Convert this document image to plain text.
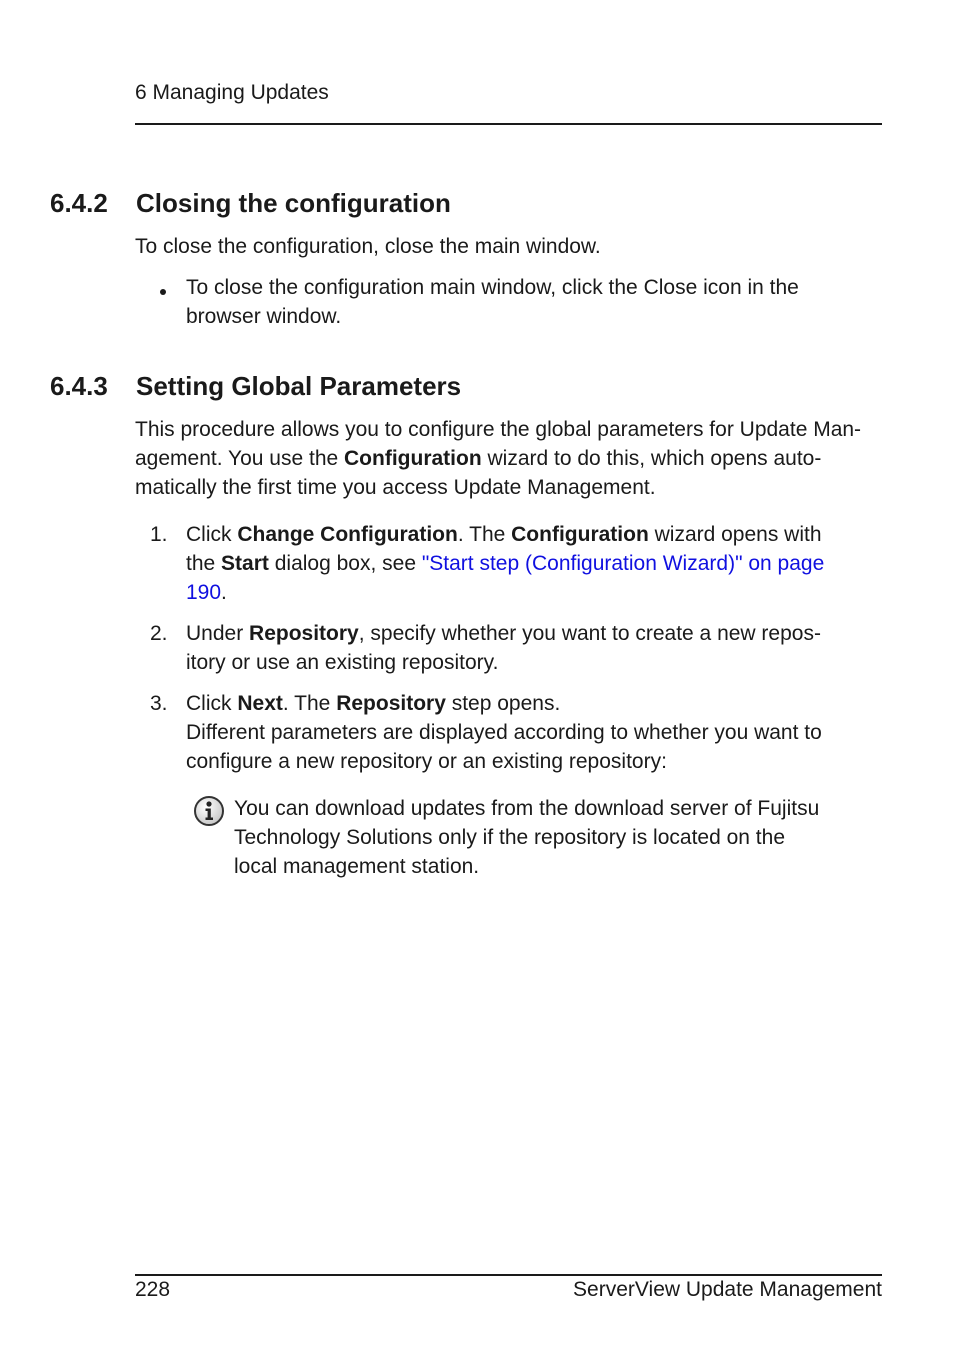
6 Managing Updates
6.4.2 Closing the configuration
To close the configuration, close the main window.
To close the configuration main window, click the Close icon in the
browser window.
6.4.3 Setting Global Parameters
This procedure allows you to configure the global parameters for Update Man-
agement. You use the Configuration wizard to do this, which opens auto-
matically the first time you access Update Management.
1. Click Change Configuration. The Configuration wizard opens with
the Start dialog box, see "Start step (Configuration Wizard)" on page
190.
2. Under Repository, specify whether you want to create a new repos-
itory or use an existing repository.
3. Click Next. The Repository step opens.
Different parameters are displayed according to whether you want to
configure a new repository or an existing repository:
You can download updates from the download server of Fujitsu
Technology Solutions only if the repository is located on the
local management station.
228	ServerView Update Management
